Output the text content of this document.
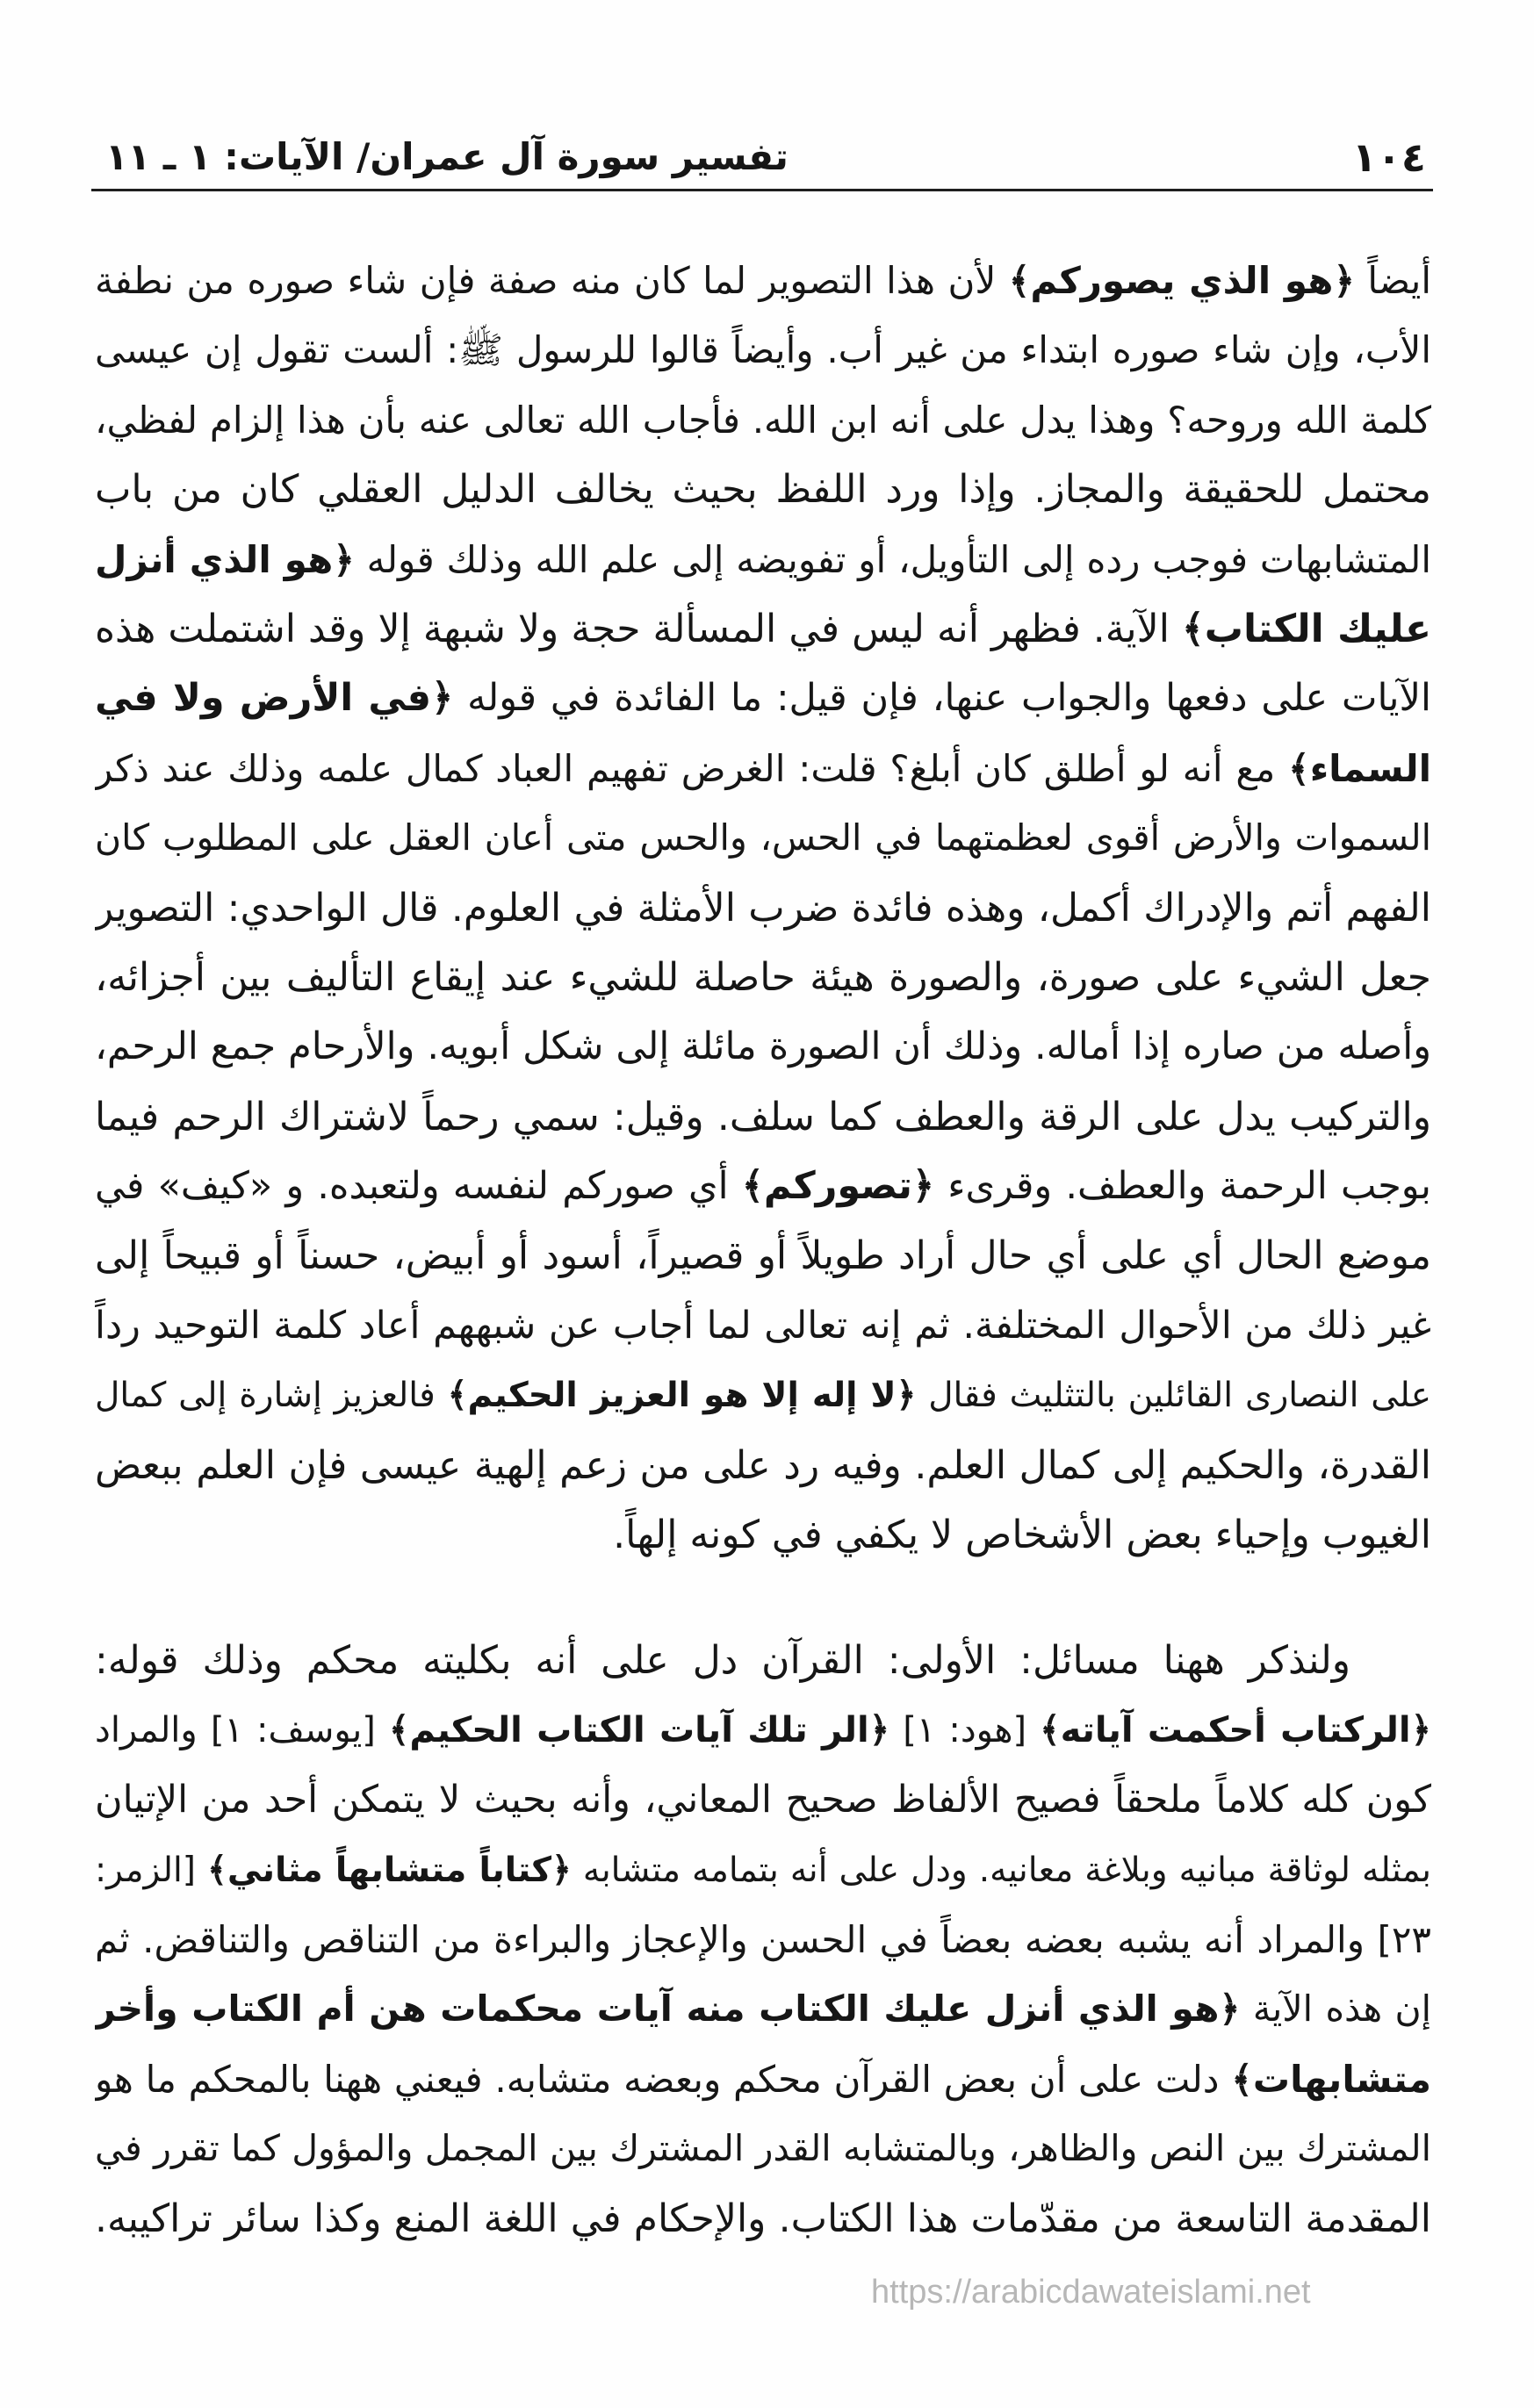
١٠٤
تفسير سورة آل عمران/ الآيات: ١ ـ ١١
أيضاً ﴿هو الذي يصوركم﴾ لأن هذا التصوير لما كان منه صفة فإن شاء صوره من نطفة
الأب، وإن شاء صوره ابتداء من غير أب. وأيضاً قالوا للرسول ﷺ: ألست تقول إن عيسى
كلمة الله وروحه؟ وهذا يدل على أنه ابن الله. فأجاب الله تعالى عنه بأن هذا إلزام لفظي،
محتمل للحقيقة والمجاز. وإذا ورد اللفظ بحيث يخالف الدليل العقلي كان من باب
المتشابهات فوجب رده إلى التأويل، أو تفويضه إلى علم الله وذلك قوله ﴿هو الذي أنزل
عليك الكتاب﴾ الآية. فظهر أنه ليس في المسألة حجة ولا شبهة إلا وقد اشتملت هذه
الآيات على دفعها والجواب عنها، فإن قيل: ما الفائدة في قوله ﴿في الأرض ولا في
السماء﴾ مع أنه لو أطلق كان أبلغ؟ قلت: الغرض تفهيم العباد كمال علمه وذلك عند ذكر
السموات والأرض أقوى لعظمتهما في الحس، والحس متى أعان العقل على المطلوب كان
الفهم أتم والإدراك أكمل، وهذه فائدة ضرب الأمثلة في العلوم. قال الواحدي: التصوير
جعل الشيء على صورة، والصورة هيئة حاصلة للشيء عند إيقاع التأليف بين أجزائه،
وأصله من صاره إذا أماله. وذلك أن الصورة مائلة إلى شكل أبويه. والأرحام جمع الرحم،
والتركيب يدل على الرقة والعطف كما سلف. وقيل: سمي رحماً لاشتراك الرحم فيما
بوجب الرحمة والعطف. وقرىء ﴿تصوركم﴾ أي صوركم لنفسه ولتعبده. و «كيف» في
موضع الحال أي على أي حال أراد طويلاً أو قصيراً، أسود أو أبيض، حسناً أو قبيحاً إلى
غير ذلك من الأحوال المختلفة. ثم إنه تعالى لما أجاب عن شبههم أعاد كلمة التوحيد رداً
على النصارى القائلين بالتثليث فقال ﴿لا إله إلا هو العزيز الحكيم﴾ فالعزيز إشارة إلى كمال
القدرة، والحكيم إلى كمال العلم. وفيه رد على من زعم إلهية عيسى فإن العلم ببعض
الغيوب وإحياء بعض الأشخاص لا يكفي في كونه إلهاً.
ولنذكر ههنا مسائل: الأولى: القرآن دل على أنه بكليته محكم وذلك قوله:
﴿الركتاب أحكمت آياته﴾ [هود: ١] ﴿الر تلك آيات الكتاب الحكيم﴾ [يوسف: ١] والمراد
كون كله كلاماً ملحقاً فصيح الألفاظ صحيح المعاني، وأنه بحيث لا يتمكن أحد من الإتيان
بمثله لوثاقة مبانيه وبلاغة معانيه. ودل على أنه بتمامه متشابه ﴿كتاباً متشابهاً مثاني﴾ [الزمر:
٢٣] والمراد أنه يشبه بعضه بعضاً في الحسن والإعجاز والبراءة من التناقص والتناقض. ثم
إن هذه الآية ﴿هو الذي أنزل عليك الكتاب منه آيات محكمات هن أم الكتاب وأخر
متشابهات﴾ دلت على أن بعض القرآن محكم وبعضه متشابه. فيعني ههنا بالمحكم ما هو
المشترك بين النص والظاهر، وبالمتشابه القدر المشترك بين المجمل والمؤول كما تقرر في
المقدمة التاسعة من مقدّمات هذا الكتاب. والإحكام في اللغة المنع وكذا سائر تراكيبه.
https://arabicdawateislami.net
